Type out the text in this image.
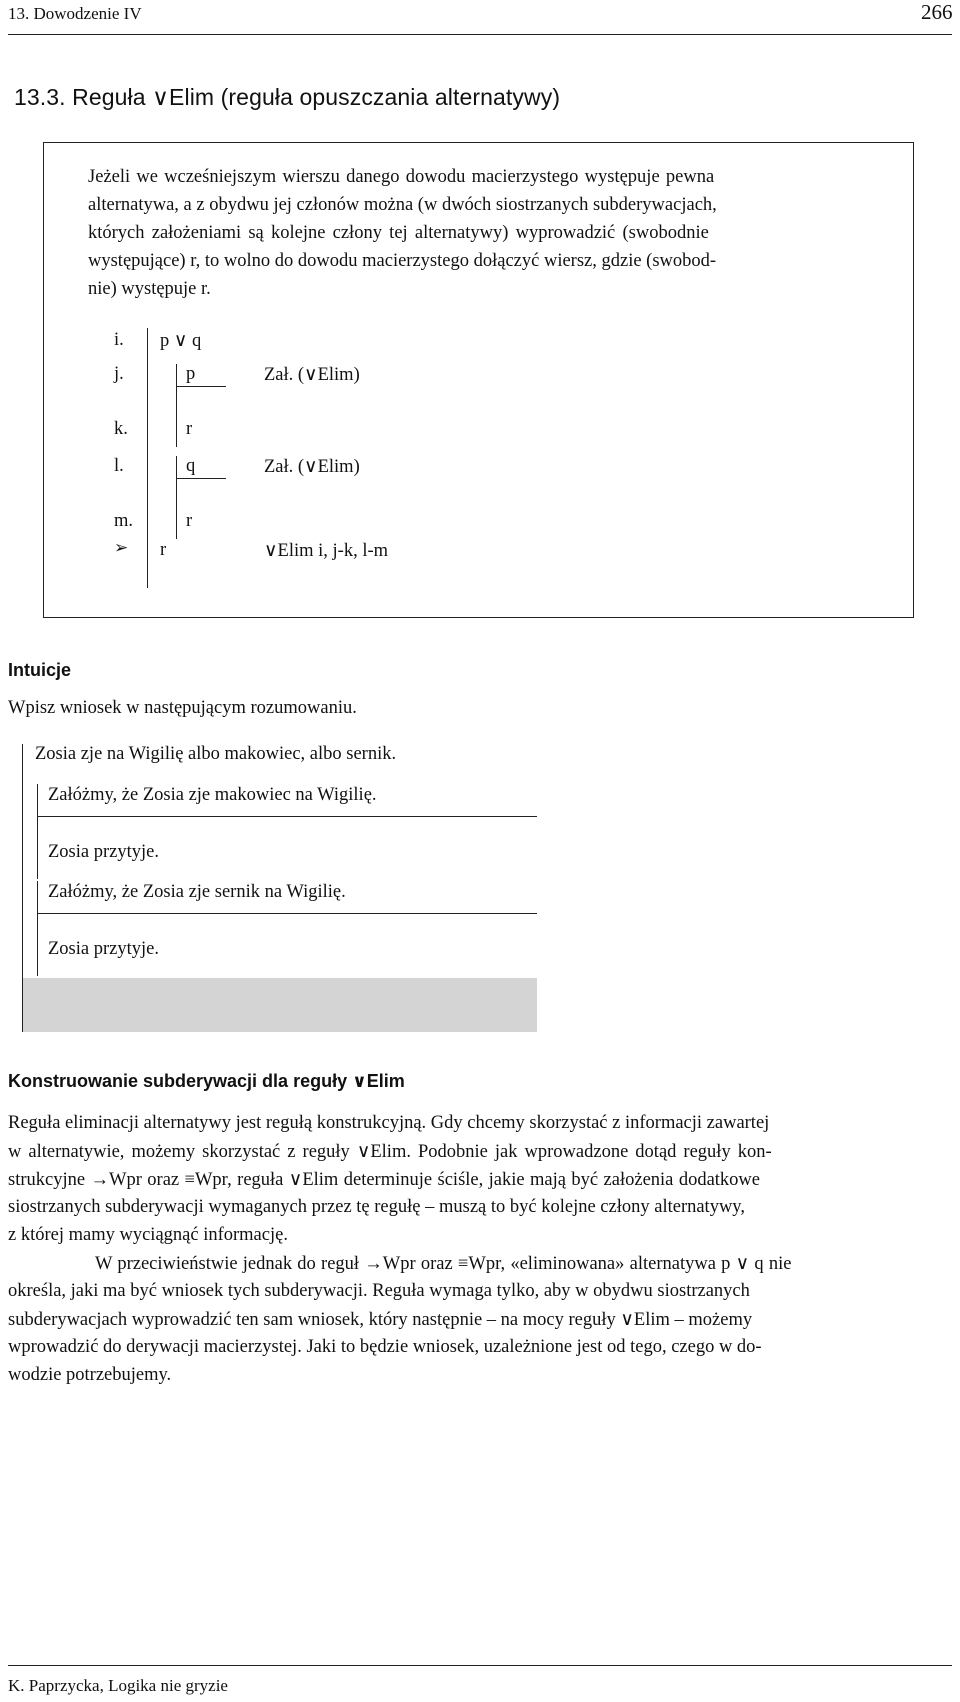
13. Dowodzenie IV	266
13.3. Reguła ∨Elim (reguła opuszczania alternatywy)
Jeżeli we wcześniejszym wierszu danego dowodu macierzystego występuje pewna
alternatywa, a z obydwu jej członów można (w dwóch siostrzanych subderywacjach,
których założeniami są kolejne człony tej alternatywy) wyprowadzić (swobodnie
występujące) r, to wolno do dowodu macierzystego dołączyć wiersz, gdzie (swobod-
nie) występuje r.
i.
j.
k.
l.
m.
➢
p ∨ q
p
r
q
r
r
Zał. (∨Elim)
Zał. (∨Elim)
∨Elim i, j-k, l-m
Intuicje
Wpisz wniosek w następującym rozumowaniu.
Zosia zje na Wigilię albo makowiec, albo sernik.
Załóżmy, że Zosia zje makowiec na Wigilię.
Zosia przytyje.
Załóżmy, że Zosia zje sernik na Wigilię.
Zosia przytyje.
Konstruowanie subderywacji dla reguły ∨Elim
Reguła eliminacji alternatywy jest regułą konstrukcyjną. Gdy chcemy skorzystać z informacji zawartej
w alternatywie, możemy skorzystać z reguły ∨Elim. Podobnie jak wprowadzone dotąd reguły kon-
strukcyjne →Wpr oraz ≡Wpr, reguła ∨Elim determinuje ściśle, jakie mają być założenia dodatkowe
siostrzanych subderywacji wymaganych przez tę regułę – muszą to być kolejne człony alternatywy,
z której mamy wyciągnąć informację.
W przeciwieństwie jednak do reguł →Wpr oraz ≡Wpr, «eliminowana» alternatywa p ∨ q nie
określa, jaki ma być wniosek tych subderywacji. Reguła wymaga tylko, aby w obydwu siostrzanych
subderywacjach wyprowadzić ten sam wniosek, który następnie – na mocy reguły ∨Elim – możemy
wprowadzić do derywacji macierzystej. Jaki to będzie wniosek, uzależnione jest od tego, czego w do-
wodzie potrzebujemy.
K. Paprzycka, Logika nie gryzie
